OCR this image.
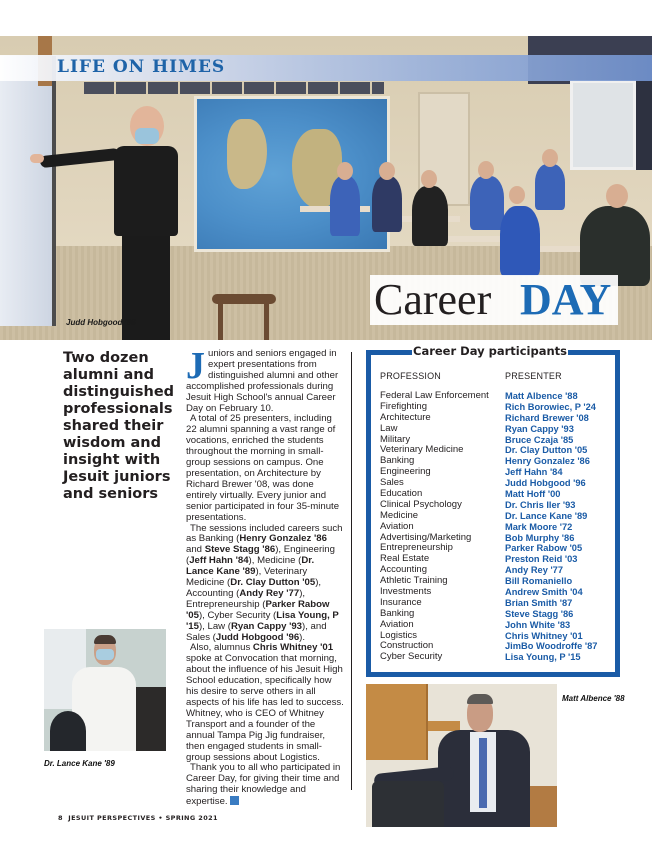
LIFE ON HIMES
Career DAY
Judd Hobgood '96
Two dozen alumni and distinguished professionals shared their wisdom and insight with Jesuit juniors and seniors

Juniors and seniors engaged in expert presentations from distinguished alumni and other accomplished professionals during Jesuit High School's annual Career Day on February 10.

A total of 25 presenters, including 22 alumni spanning a vast range of vocations, enriched the students throughout the morning in small-group sessions on campus. One presentation, on Architecture by Richard Brewer '08, was done entirely virtually. Every junior and senior participated in four 35-minute presentations.

The sessions included careers such as Banking (Henry Gonzalez '86 and Steve Stagg '86), Engineering (Jeff Hahn '84), Medicine (Dr. Lance Kane '89), Veterinary Medicine (Dr. Clay Dutton '05), Accounting (Andy Rey '77), Entrepreneurship (Parker Rabow '05), Cyber Security (Lisa Young, P '15), Law (Ryan Cappy '93), and Sales (Judd Hobgood '96).

Also, alumnus Chris Whitney '01 spoke at Convocation that morning, about the influence of his Jesuit High School education, specifically how his desire to serve others in all aspects of his life has led to success. Whitney, who is CEO of Whitney Transport and a founder of the annual Tampa Pig Jig fundraiser, then engaged students in small-group sessions about Logistics.

Thank you to all who participated in Career Day, for giving their time and sharing their knowledge and expertise.

Career Day participants
PROFESSION	PRESENTER
Federal Law Enforcement	Matt Albence '88
Firefighting	Rich Borowiec, P '24
Architecture	Richard Brewer '08
Law	Ryan Cappy '93
Military	Bruce Czaja '85
Veterinary Medicine	Dr. Clay Dutton '05
Banking	Henry Gonzalez '86
Engineering	Jeff Hahn '84
Sales	Judd Hobgood '96
Education	Matt Hoff '00
Clinical Psychology	Dr. Chris Iler '93
Medicine	Dr. Lance Kane '89
Aviation	Mark Moore '72
Advertising/Marketing	Bob Murphy '86
Entrepreneurship	Parker Rabow '05
Real Estate	Preston Reid '03
Accounting	Andy Rey '77
Athletic Training	Bill Romaniello
Investments	Andrew Smith '04
Insurance	Brian Smith '87
Banking	Steve Stagg '86
Aviation	John White '83
Logistics	Chris Whitney '01
Construction	JimBo Woodroffe '87
Cyber Security	Lisa Young, P '15
Dr. Lance Kane '89
Matt Albence '88
8 JESUIT PERSPECTIVES • SPRING 2021
